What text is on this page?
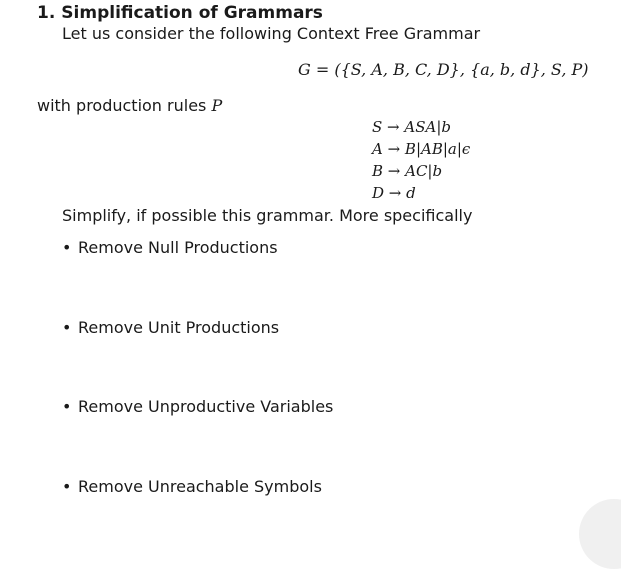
1. Simplification of Grammars
Let us consider the following Context Free Grammar
G = ({S, A, B, C, D}, {a, b, d}, S, P)
with production rules P
S → ASA|b
A → B|AB|a|ϵ
B → AC|b
D → d
Simplify, if possible this grammar. More specifically
• Remove Null Productions
• Remove Unit Productions
• Remove Unproductive Variables
• Remove Unreachable Symbols
